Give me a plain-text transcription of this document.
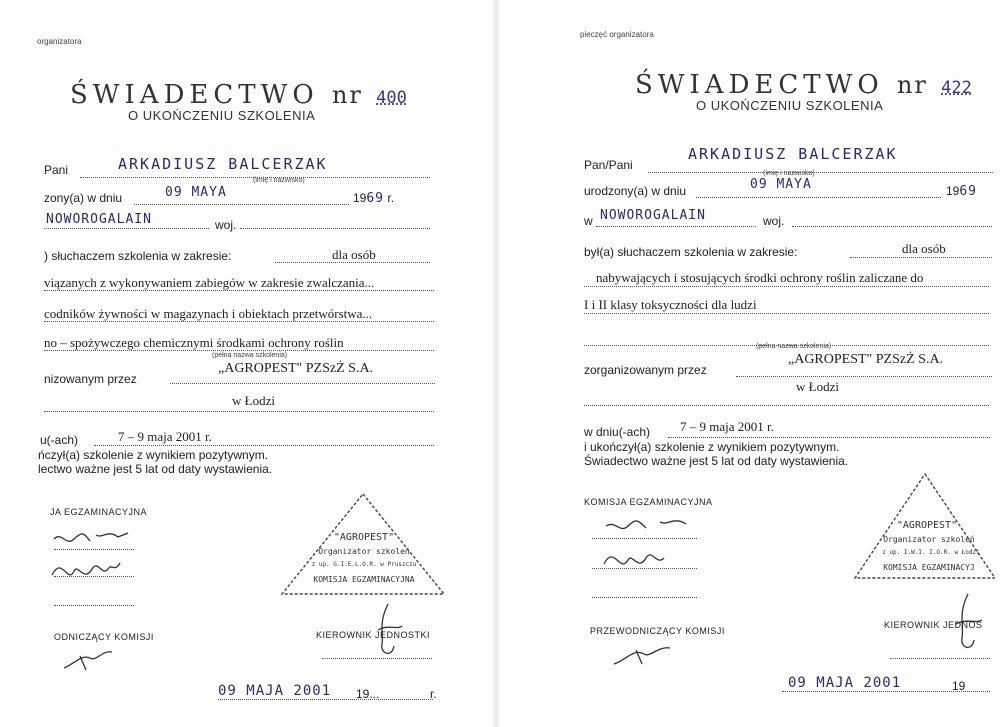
organizatora
ŚWIADECTWO nr 400
O UKOŃCZENIU SZKOLENIA
Pani	ARKADIUSZ BALCERZAK
(imię i nazwisko)
zony(a) w dniu	09 MAYA	1969 r.
NOWOROGALAIN	woj.
) słuchaczem szkolenia w zakresie:	dla osób
viązanych z wykonywaniem zabiegów w zakresie zwalczania...
codników żywności w magazynach i obiektach przetwórstwa...
no – spożywczego chemicznymi środkami ochrony roślin
(pełna nazwa szkolenia)
nizowanym przez
„AGROPEST" PZSzŻ S.A.
w Łodzi
u(-ach)	7 – 9 maja 2001 r.
ńczył(a) szkolenie z wynikiem pozytywnym.
lectwo ważne jest 5 lat od daty wystawienia.
JA EGZAMINACYJNA
ODNICZĄCY KOMISJI
"AGROPEST"
Organizator szkoleń
z up. G.I.E.L.O.R. w Pruszczu
KOMISJA EGZAMINACYJNA
KIEROWNIK JEDNOSTKI
09 MAJA 2001 19...	r.
pieczęć organizatora
ŚWIADECTWO nr 422
O UKOŃCZENIU SZKOLENIA
Pan/Pani
ARKADIUSZ BALCERZAK
(imię i nazwisko)
urodzony(a) w dniu	09 MAYA	1969
w NOWOROGALAIN	woj.
był(a) słuchaczem szkolenia w zakresie:	dla osób
nabywających i stosujących środki ochrony roślin zaliczane do
I i II klasy toksyczności dla ludzi
(pełna nazwa szkolenia)
zorganizowanym przez
„AGROPEST" PZSzŻ S.A.
w Łodzi
w dniu(-ach) 7 – 9 maja 2001 r.
i ukończył(a) szkolenie z wynikiem pozytywnym.
Świadectwo ważne jest 5 lat od daty wystawienia.
KOMISJA EGZAMINACYJNA
PRZEWODNICZĄCY KOMISJI
"AGROPEST"
Organizator szkoleń
z up. I.W.I. I.O.R. w Łodzi
KOMISJA EGZAMINACYJ
KIEROWNIK JEDNOS
09 MAJA 2001	19
